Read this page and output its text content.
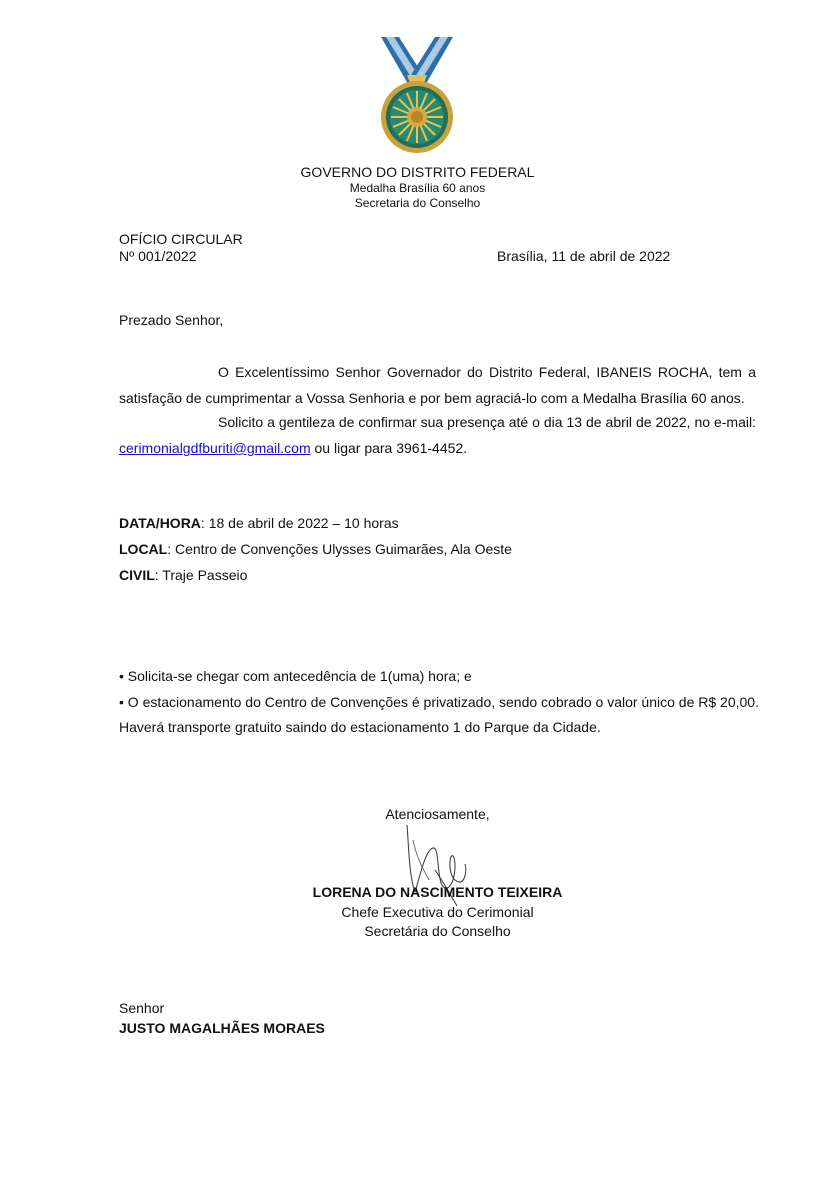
GOVERNO DO DISTRITO FEDERAL
Medalha Brasília 60 anos
Secretaria do Conselho
OFÍCIO CIRCULAR
Nº 001/2022	Brasília, 11 de abril de 2022
Prezado Senhor,
O Excelentíssimo Senhor Governador do Distrito Federal, IBANEIS ROCHA, tem a satisfação de cumprimentar a Vossa Senhoria e por bem agraciá-lo com a Medalha Brasília 60 anos.
Solicito a gentileza de confirmar sua presença até o dia 13 de abril de 2022, no e-mail: cerimonialgdfburiti@gmail.com ou ligar para 3961-4452.
DATA/HORA: 18 de abril de 2022 – 10 horas
LOCAL: Centro de Convenções Ulysses Guimarães, Ala Oeste
CIVIL: Traje Passeio
• Solicita-se chegar com antecedência de 1(uma) hora; e
• O estacionamento do Centro de Convenções é privatizado, sendo cobrado o valor único de R$ 20,00.
Haverá transporte gratuito saindo do estacionamento 1 do Parque da Cidade.
Atenciosamente,
LORENA DO NASCIMENTO TEIXEIRA
Chefe Executiva do Cerimonial
Secretária do Conselho
Senhor
JUSTO MAGALHÃES MORAES
